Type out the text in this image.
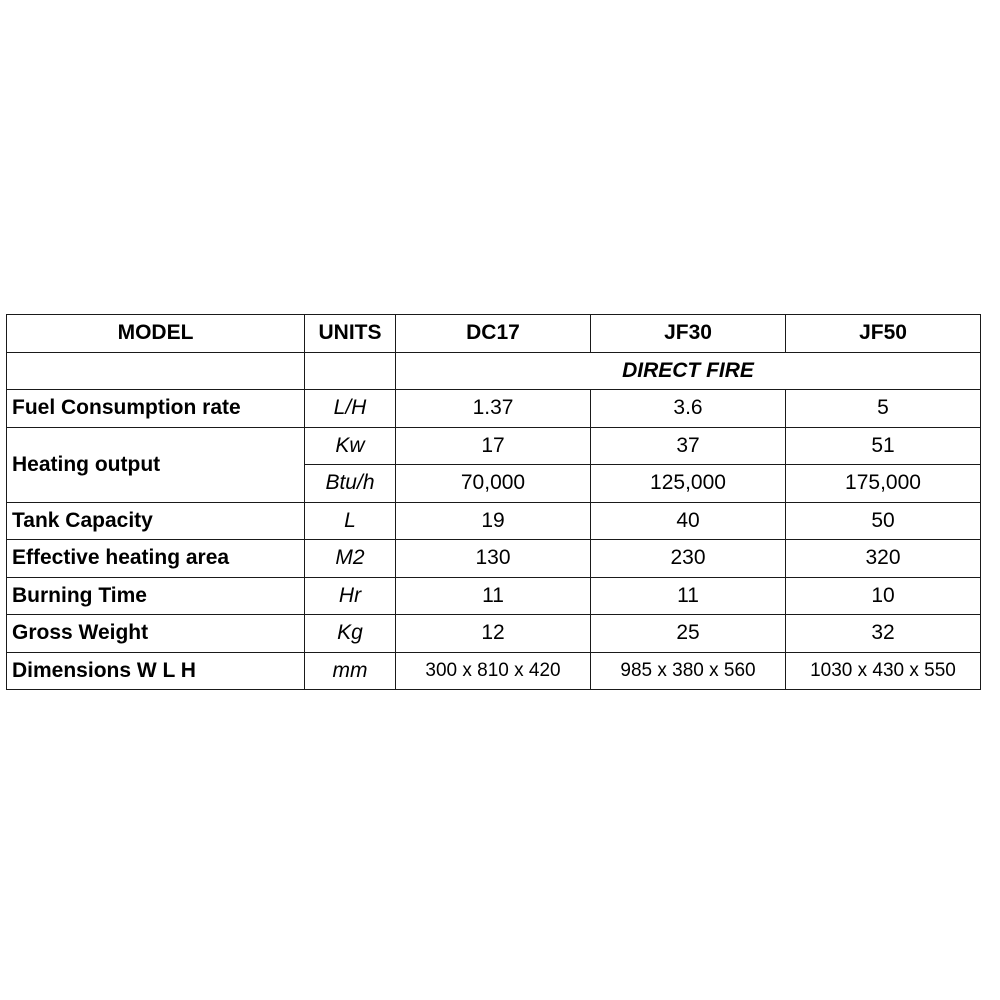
MODEL	UNITS	DC17	JF30	JF50
		DIRECT FIRE		
Fuel Consumption rate	L/H	1.37	3.6	5
Heating output	Kw	17	37	51
	Btu/h	70,000	125,000	175,000
Tank Capacity	L	19	40	50
Effective heating area	M2	130	230	320
Burning Time	Hr	11	11	10
Gross Weight	Kg	12	25	32
Dimensions W L H	mm	300 x 810 x 420	985 x 380 x 560	1030 x 430 x 550
